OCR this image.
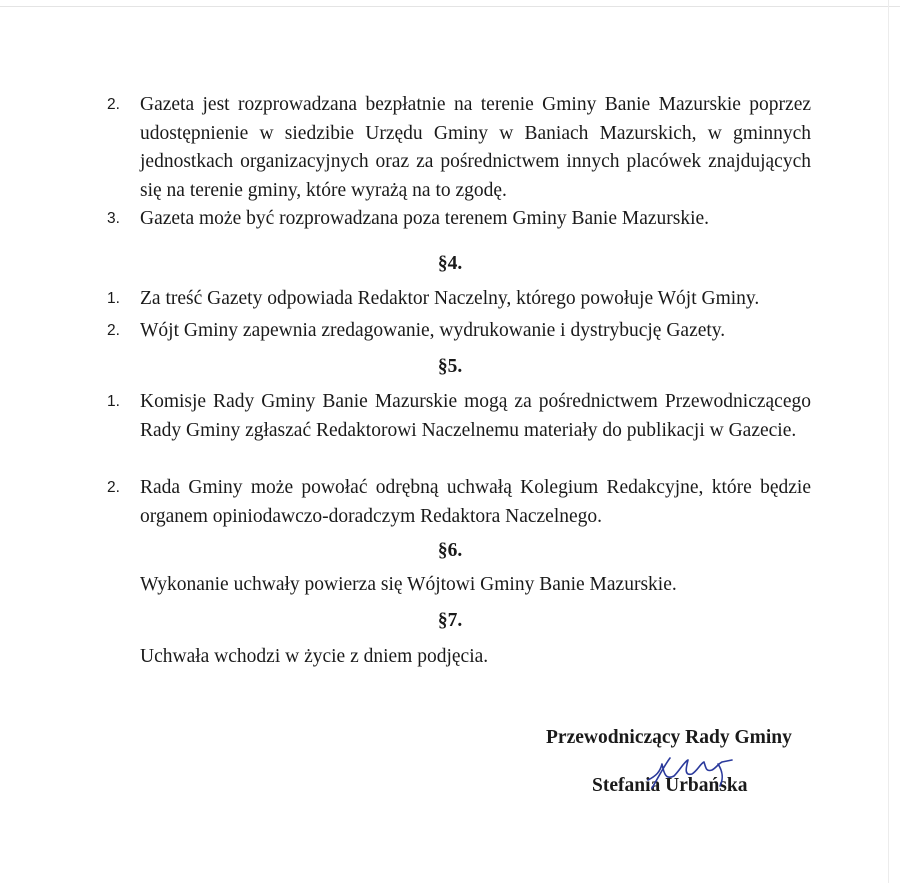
2. Gazeta jest rozprowadzana bezpłatnie na terenie Gminy Banie Mazurskie poprzez udostępnienie w siedzibie Urzędu Gminy w Baniach Mazurskich, w gminnych jednostkach organizacyjnych oraz za pośrednictwem innych placówek znajdujących się na terenie gminy, które wyrażą na to zgodę.
3. Gazeta może być rozprowadzana poza terenem Gminy Banie Mazurskie.
§4.
1. Za treść Gazety odpowiada Redaktor Naczelny, którego powołuje Wójt Gminy.
2. Wójt Gminy zapewnia zredagowanie, wydrukowanie i dystrybucję Gazety.
§5.
1. Komisje Rady Gminy Banie Mazurskie mogą za pośrednictwem Przewodniczącego Rady Gminy zgłaszać Redaktorowi Naczelnemu materiały do publikacji w Gazecie.
2. Rada Gminy może powołać odrębną uchwałą Kolegium Redakcyjne, które będzie organem opiniodawczo-doradczym Redaktora Naczelnego.
§6.
Wykonanie uchwały powierza się Wójtowi Gminy Banie Mazurskie.
§7.
Uchwała wchodzi w życie z dniem podjęcia.
Przewodniczący Rady Gminy
Stefania Urbańska
